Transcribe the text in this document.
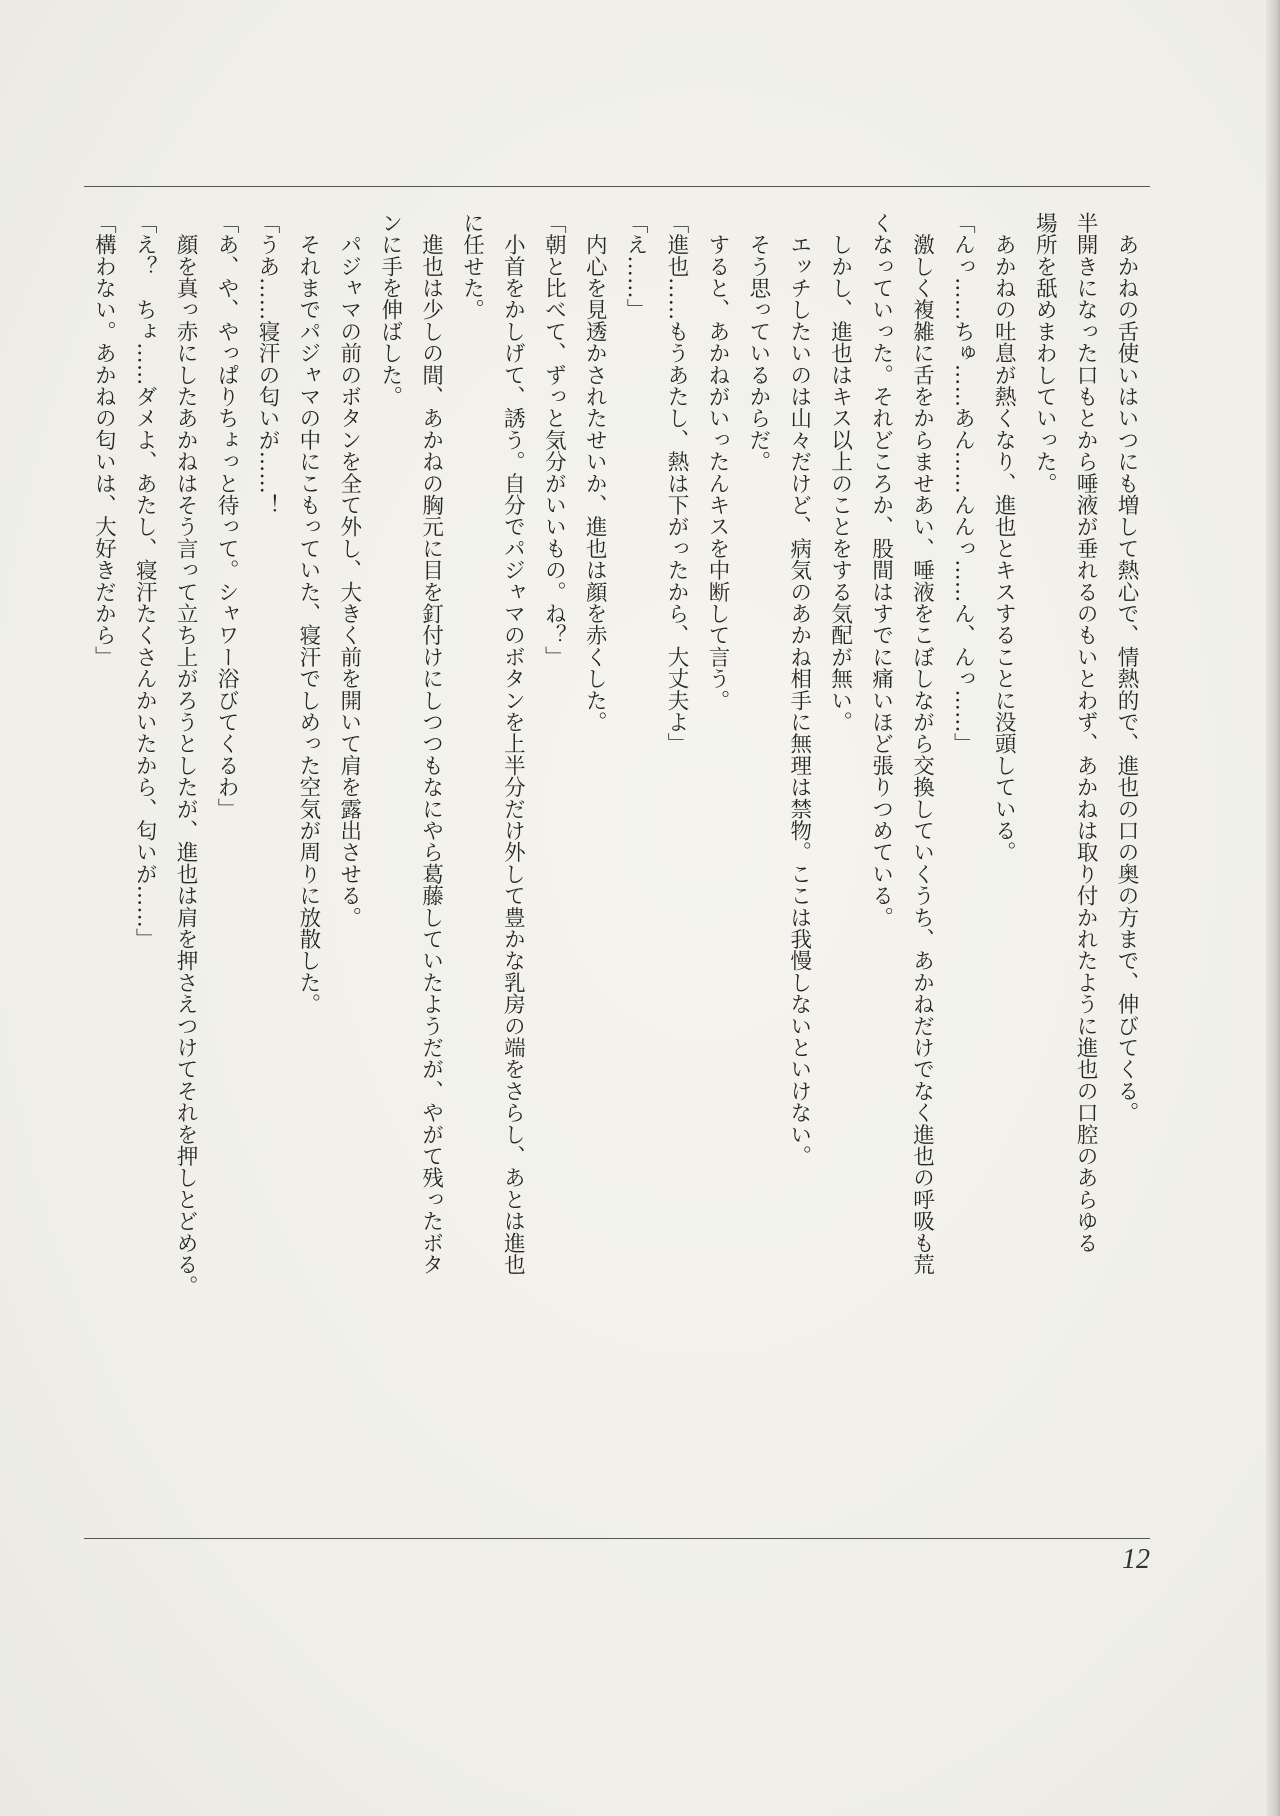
　あかねの舌使いはいつにも増して熱心で、情熱的で、進也の口の奥の方まで、伸びてくる。

半開きになった口もとから唾液が垂れるのもいとわず、あかねは取り付かれたように進也の口腔のあらゆる

場所を舐めまわしていった。

　あかねの吐息が熱くなり、進也とキスすることに没頭している。

「んっ……ちゅ……あん……んんっ……ん、んっ……」

　激しく複雑に舌をからませあい、唾液をこぼしながら交換していくうち、あかねだけでなく進也の呼吸も荒

くなっていった。それどころか、股間はすでに痛いほど張りつめている。

　しかし、進也はキス以上のことをする気配が無い。

　エッチしたいのは山々だけど、病気のあかね相手に無理は禁物。ここは我慢しないといけない。

　そう思っているからだ。

　すると、あかねがいったんキスを中断して言う。

「進也……もうあたし、熱は下がったから、大丈夫よ」

「え……」

　内心を見透かされたせいか、進也は顔を赤くした。

「朝と比べて、ずっと気分がいいもの。ね？」

　小首をかしげて、誘う。自分でパジャマのボタンを上半分だけ外して豊かな乳房の端をさらし、あとは進也

に任せた。

　進也は少しの間、あかねの胸元に目を釘付けにしつつもなにやら葛藤していたようだが、やがて残ったボタ

ンに手を伸ばした。

　パジャマの前のボタンを全て外し、大きく前を開いて肩を露出させる。

　それまでパジャマの中にこもっていた、寝汗でしめった空気が周りに放散した。

「うあ……寝汗の匂いが……！

「あ、や、やっぱりちょっと待って。シャワー浴びてくるわ」

　顔を真っ赤にしたあかねはそう言って立ち上がろうとしたが、進也は肩を押さえつけてそれを押しとどめる。

「え？　ちょ……ダメよ、あたし、寝汗たくさんかいたから、匂いが……」

「構わない。あかねの匂いは、大好きだから」

12
